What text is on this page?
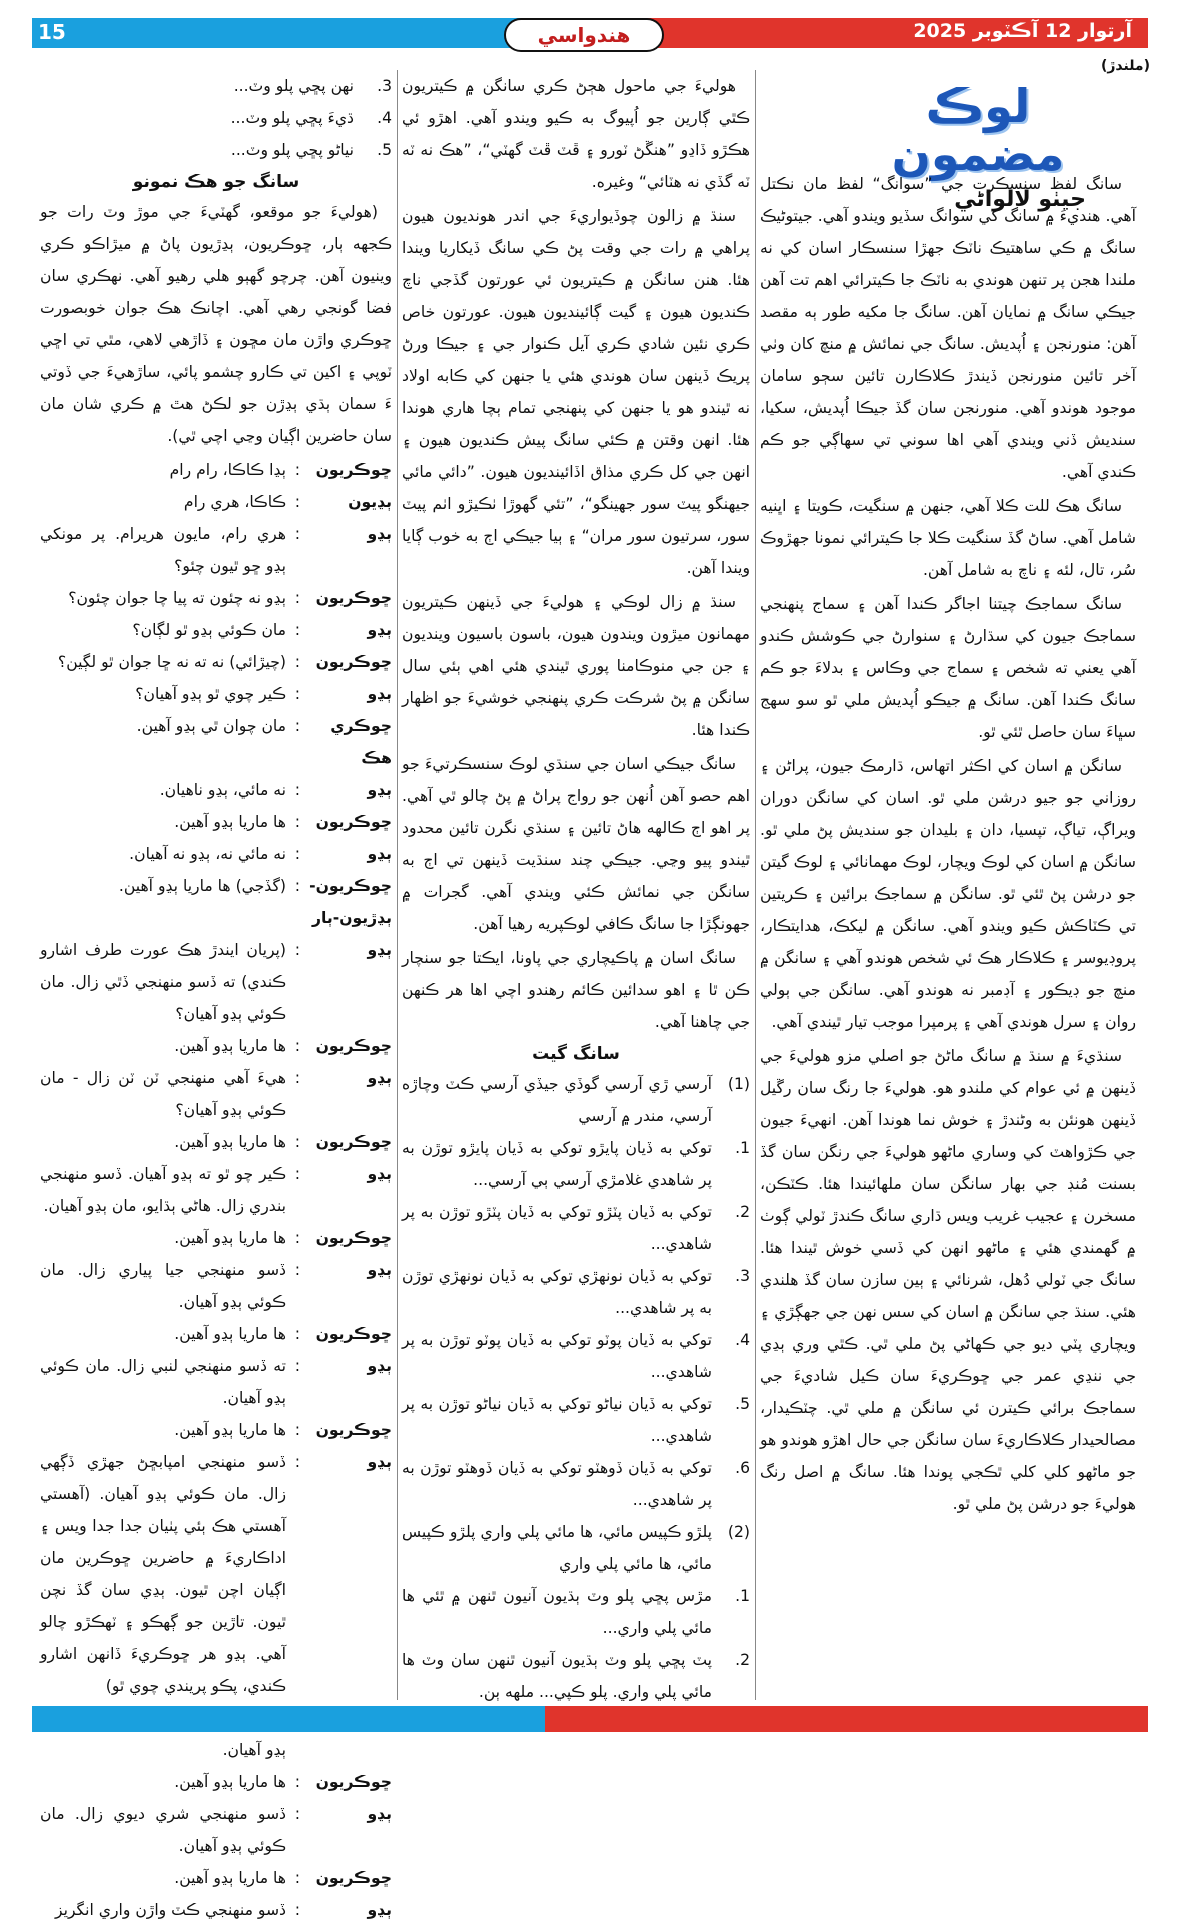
15	آرتوار 12 آڪٽوبر 2025
هندواسي
(ملندڙ)
لوڪ مضمون
جيٺو لالواڻي

سانگ لفظ سنسڪرت جي ”سوانگ“ لفظ مان نڪتل آهي. هنديءَ ۾ سانگ کي سوانگ سڏيو ويندو آهي. جيتوڻيڪ سانگ ۾ ڪي ساهتيڪ ناٽڪ جهڙا سنسڪار اسان کي نه ملندا هجن پر تنهن هوندي به ناٽڪ جا ڪيترائي اهم تت آهن جيڪي سانگ ۾ نمايان آهن. سانگ جا مکيه طور ٻه مقصد آهن: منورنجن ۽ اُپديش. سانگ جي نمائش ۾ منچ کان وٺي آخر تائين منورنجن ڏيندڙ ڪلاڪارن تائين سڄو سامان موجود هوندو آهي. منورنجن سان گڏ جيڪا اُپديش، سکيا، سنديش ڏني ويندي آهي اها سوني تي سهاڳي جو ڪم ڪندي آهي.

سانگ هڪ للت ڪلا آهي، جنهن ۾ سنگيت، ڪويتا ۽ اڀنيه شامل آهي. ساڻ گڏ سنگيت ڪلا جا ڪيترائي نمونا جهڙوڪ سُر، تال، لئه ۽ ناچ به شامل آهن.

سانگ سماجڪ چيتنا اجاگر ڪندا آهن ۽ سماج پنهنجي سماجڪ جيون کي سڌارڻ ۽ سنوارڻ جي ڪوشش ڪندو آهي يعني ته شخص ۽ سماج جي وڪاس ۽ بدلاءَ جو ڪم سانگ ڪندا آهن. سانگ ۾ جيڪو اُپديش ملي ٿو سو سهج سڀاءَ سان حاصل ٿئي ٿو.

سانگن ۾ اسان کي اڪثر اتهاس، ڌارمڪ جيون، پراڻن ۽ روزاني جو جيو درشن ملي ٿو. اسان کي سانگن دوران ويراڳ، تياڳ، تپسيا، دان ۽ بليدان جو سنديش پڻ ملي ٿو. سانگن ۾ اسان کي لوڪ ويچار، لوڪ مهمانائي ۽ لوڪ گيتن جو درشن پڻ ٿئي ٿو. سانگن ۾ سماجڪ برائين ۽ ڪريتين تي ڪٽاڪش ڪيو ويندو آهي. سانگن ۾ ليکڪ، هدايتڪار، پروڊيوسر ۽ ڪلاڪار هڪ ئي شخص هوندو آهي ۽ سانگن ۾ منچ جو ڊيڪور ۽ آڊمبر نه هوندو آهي. سانگن جي ٻولي روان ۽ سرل هوندي آهي ۽ پرمپرا موجب تيار ٿيندي آهي.

سنڌيءَ ۾ سنڌ ۾ سانگ ماڻڻ جو اصلي مزو هوليءَ جي ڏينهن ۾ ئي عوام کي ملندو هو. هوليءَ جا رنگ سان رڱيل ڏينهن هونئن به وڻندڙ ۽ خوش نما هوندا آهن. انهيءَ جيون جي ڪڙواهٽ کي وساري ماڻهو هوليءَ جي رنگن سان گڏ بسنت مُنڊ جي بهار سانگن سان ملهائيندا هئا. ڪٽڪن، مسخرن ۽ عجيب غريب ويس ڌاري سانگ ڪندڙ ٽولي ڳوٺ ۾ گهمندي هئي ۽ ماڻهو انهن کي ڏسي خوش ٿيندا هئا. سانگ جي ٽولي دُهل، شرنائي ۽ ٻين سازن سان گڏ هلندي هئي. سنڌ جي سانگن ۾ اسان کي سس نهن جي جهڳڙي ۽ ويچاري پٽي ديو جي ڪهاڻي پڻ ملي ٿي. ڪٿي وري ٻڍي جي ننڍي عمر جي ڇوڪريءَ سان ڪيل شاديءَ جي سماجڪ برائي ڪيترن ئي سانگن ۾ ملي ٿي. چٽڪيدار، مصالحيدار ڪلاڪاريءَ سان سانگن جي حال اهڙو هوندو هو جو ماڻهو کلي کلي ٿڪجي پوندا هئا. سانگ ۾ اصل رنگ هوليءَ جو درشن پڻ ملي ٿو.

هوليءَ جي ماحول هڄڻ ڪري سانگن ۾ ڪيتريون ڪٿي ڳارين جو اُپيوگ به ڪيو ويندو آهي. اهڙو ئي هڪڙو ڏاڍو ”هنڱڻ ٽورو ۽ ڦٽ ڦٽ گهٽي“، ”هڪ نه ٽه ٽه گڏي نه هٽائي“ وغيره.

سنڌ ۾ زالون چوڏيواريءَ جي اندر هونديون هيون پراهي ۾ رات جي وقت پڻ ڪي سانگ ڏيکاريا ويندا هئا. هنن سانگن ۾ ڪيتريون ئي عورتون گڏجي ناچ ڪنديون هيون ۽ گيت ڳائينديون هيون. عورتون خاص ڪري نئين شادي ڪري آيل ڪنوار جي ۽ جيڪا ورڻ پريڪ ڏينهن سان هوندي هئي يا جنهن کي ڪابه اولاد نه ٿيندو هو يا جنهن کي پنهنجي تمام ٻچا هاري هوندا هئا. انهن وقتن ۾ ڪئي سانگ پيش ڪنديون هيون ۽ انهن جي کل ڪري مذاق اڏائينديون هيون. ”دائي مائي جيهنگو پيٽ سور جهينگو“، ”تئي گهوڙا ٺڪيڙو اٺم پيٽ سور، سرتيون سور مران“ ۽ ٻيا جيڪي اڄ به خوب ڳايا ويندا آهن.

سنڌ ۾ زال لوڪي ۽ هوليءَ جي ڏينهن ڪيتريون مهمانون ميڙون ويندون هيون، باسون باسيون وينديون ۽ جن جي منوڪامنا پوري ٿيندي هئي اهي ٻئي سال سانگن ۾ پڻ شرڪت ڪري پنهنجي خوشيءَ جو اظهار ڪندا هئا.

سانگ جيڪي اسان جي سنڌي لوڪ سنسڪرتيءَ جو اهم حصو آهن اُنهن جو رواج پراڻ ۾ پڻ چالو ٿي آهي. پر اهو اڄ ڪالهه هاڻ تائين ۽ سنڌي نگرن تائين محدود ٿيندو پيو وڃي. جيڪي چند سنڌيت ڏينهن تي اڄ به سانگن جي نمائش ڪئي ويندي آهي. گجرات ۾ جهونڳڙا جا سانگ ڪافي لوڪپريه رهيا آهن.

سانگ اسان ۾ پاڪيچاري جي پاونا، ايڪتا جو سنچار ڪن ٿا ۽ اهو سدائين ڪائم رهندو اچي اها هر ڪنهن جي چاهنا آهي.

سانگ گيت
(1)
آرسي ڙي آرسي گوڏي جيڏي آرسي ڪٽ وچاڙه آرسي، مندر ۾ آرسي
1.
توکي به ڏيان پايڙو توکي به ڏيان پايڙو توڙن به پر شاهدي غلامڙي آرسي ٻي آرسي...
2.
توکي به ڏيان پٽڙو توکي به ڏيان پٽڙو توڙن به پر شاهدي...
3.
توکي به ڏيان نونهڙي توکي به ڏيان نونهڙي توڙن به پر شاهدي...
4.
توکي به ڏيان پوٽو توکي به ڏيان پوٽو توڙن به پر شاهدي...
5.
توکي به ڏيان نياڻو توکي به ڏيان نياڻو توڙن به پر شاهدي...
6.
توکي به ڏيان ڏوهٽو توکي به ڏيان ڏوهٽو توڙن به پر شاهدي...
(2)
پلڙو ڪپيس مائي، ها مائي پلي واري پلڙو ڪپيس مائي، ها مائي پلي واري
1.
مڙس پڇي پلو وٽ ٻڌيون آنيون ٿنهن ۾ ٿئي ها مائي پلي واري...
2.
پٽ پڇي پلو وٽ ٻڌيون آنيون ٿنهن سان وٽ ها مائي پلي واري. پلو ڪپي... ملهه ٻن.
3.
نهن پڇي پلو وٽ...
4.
ڌيءَ پڇي پلو وٽ...
5.
نياڻو پڇي پلو وٽ...
سانگ جو هڪ نمونو

(هوليءَ جو موقعو، گهٽيءَ جي موڙ وٽ رات جو ڪجهه ٻار، ڇوڪريون، ٻڍڙيون پاڻ ۾ ميڙاڪو ڪري وينيون آهن. چرچو گهٻو هلي رهيو آهي. نهڪري سان فضا گونجي رهي آهي. اچانڪ هڪ جوان خوبصورت ڇوڪري واڙن مان مڇون ۽ ڏاڙهي لاهي، مٿي تي اڇي ٽوپي ۽ اکين تي ڪارو چشمو پائي، ساڙهيءَ جي ڏوتي ءَ سمان ٻڌي ٻڍڙن جو لڪڻ هٿ ۾ ڪري شان مان سان حاضرين اڳيان وڃي اچي ٿي).

ڇوڪريون
:
ٻڍا ڪاڪا، رام رام
ٻڍيون
:
ڪاڪا، هري رام
ٻڍو
:
هري رام، مايون هريرام. پر مونکي ٻڍو ڇو ٿيون چئو؟
ڇوڪريون
:
ٻڍو نه چئون ته پيا چا جوان چئون؟
ٻڍو
:
مان ڪوئي ٻڍو ٿو لڳان؟
ڇوڪريون
:
(چيڙائي) نه ته نه ڇا جوان ٿو لڳين؟
ٻڍو
:
ڪير چوي ٿو ٻڍو آهيان؟
ڇوڪري هڪ
:
مان چوان ٿي ٻڍو آهين.
ٻڍو
:
نه مائي، ٻڍو ناهيان.
ڇوڪريون
:
ها ماريا ٻڍو آهين.
ٻڍو
:
نه مائي نه، ٻڍو نه آهيان.
ڇوڪريون-ٻڍڙيون-ٻار
:
(گڏجي) ها ماريا ٻڍو آهين.
ٻڍو
:
(پريان ايندڙ هڪ عورت طرف اشارو ڪندي) ته ڏسو منهنجي ڏٿي زال. مان ڪوئي ٻڍو آهيان؟
ڇوڪريون
:
ها ماريا ٻڍو آهين.
ٻڍو
:
هيءَ آهي منهنجي ٽن ٽن زال - مان ڪوئي ٻڍو آهيان؟
ڇوڪريون
:
ها ماريا ٻڍو آهين.
ٻڍو
:
ڪير چو ٿو ته ٻڍو آهيان. ڏسو منهنجي بندري زال. هاڻي ٻڌايو، مان ٻڍو آهيان.
ڇوڪريون
:
ها ماريا ٻڍو آهين.
ٻڍو
:
ڏسو منهنجي جيا پياري زال. مان ڪوئي ٻڍو آهيان.
ڇوڪريون
:
ها ماريا ٻڍو آهين.
ٻڍو
:
ته ڏسو منهنجي لنبي زال. مان ڪوئي ٻڍو آهيان.
ڇوڪريون
:
ها ماريا ٻڍو آهين.
ٻڍو
:
ڏسو منهنجي امپابڇڻ جهڙي ڏڳهي زال. مان ڪوئي ٻڍو آهيان. (آهستي آهستي هڪ ٻئي پٺيان جدا جدا ويس ۽ اداڪاريءَ ۾ حاضرين ڇوڪرين مان اڳيان اچن ٿيون. ٻڍي سان گڏ نچن ٿيون. تاڙين جو ڳهڪو ۽ ٽهڪڙو چالو آهي. ٻڍو هر ڇوڪريءَ ڏانهن اشارو ڪندي، پڪو پريندي چوي ٿو)
ٻڍو آهيان.
ڇوڪريون
:
ها ماريا ٻڍو آهين.
ٻڍو
:
ڏسو منهنجي شري ديوي زال. مان ڪوئي ٻڍو آهيان.
ڇوڪريون
:
ها ماريا ٻڍو آهين.
ٻڍو
:
ڏسو منهنجي ڪٽ واڙن واري انگريز
